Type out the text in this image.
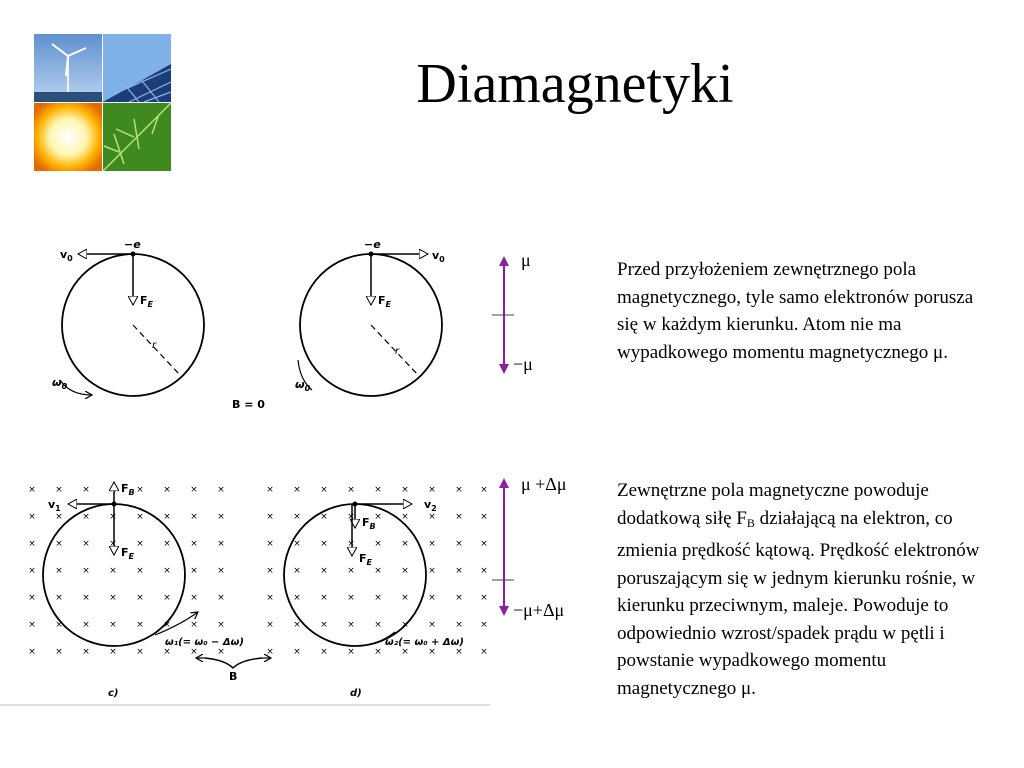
Diamagnetyki
−e
$v_0$
$F_E$
r
$\omega_0$
B = 0
−e
$v_0$
$F_E$
r
$\omega_0$
× × × × × × × ×
× × × × × × × ×
× × × × × × × ×
× × × × × × × ×
× × × × × × × ×
× × × × × × × ×
× × × × × × × ×
× × × × × × × × ×
× × × × × × × × ×
× × × × × × × × ×
× × × × × × × × ×
× × × × × × × × ×
× × × × × × × × ×
× × × × × × × × ×
$F_B$
$v_1$
$F_E$
ω₁(= ω₀ − Δω)
c)
$F_B$
$v_2$
$F_E$
ω₂(= ω₀ + Δω)
d)
B
μ
−μ
μ +Δμ
−μ+Δμ
Przed przyłożeniem zewnętrznego pola magnetycznego, tyle samo elektronów porusza się w każdym kierunku. Atom nie ma wypadkowego momentu magnetycznego μ.
Zewnętrzne pola magnetyczne powoduje dodatkową siłę $F_B$ działającą na elektron, co zmienia prędkość kątową. Prędkość elektronów poruszającym się w jednym kierunku rośnie, w kierunku przeciwnym, maleje. Powoduje to odpowiednio wzrost/spadek prądu w pętli i powstanie wypadkowego momentu magnetycznego μ.
